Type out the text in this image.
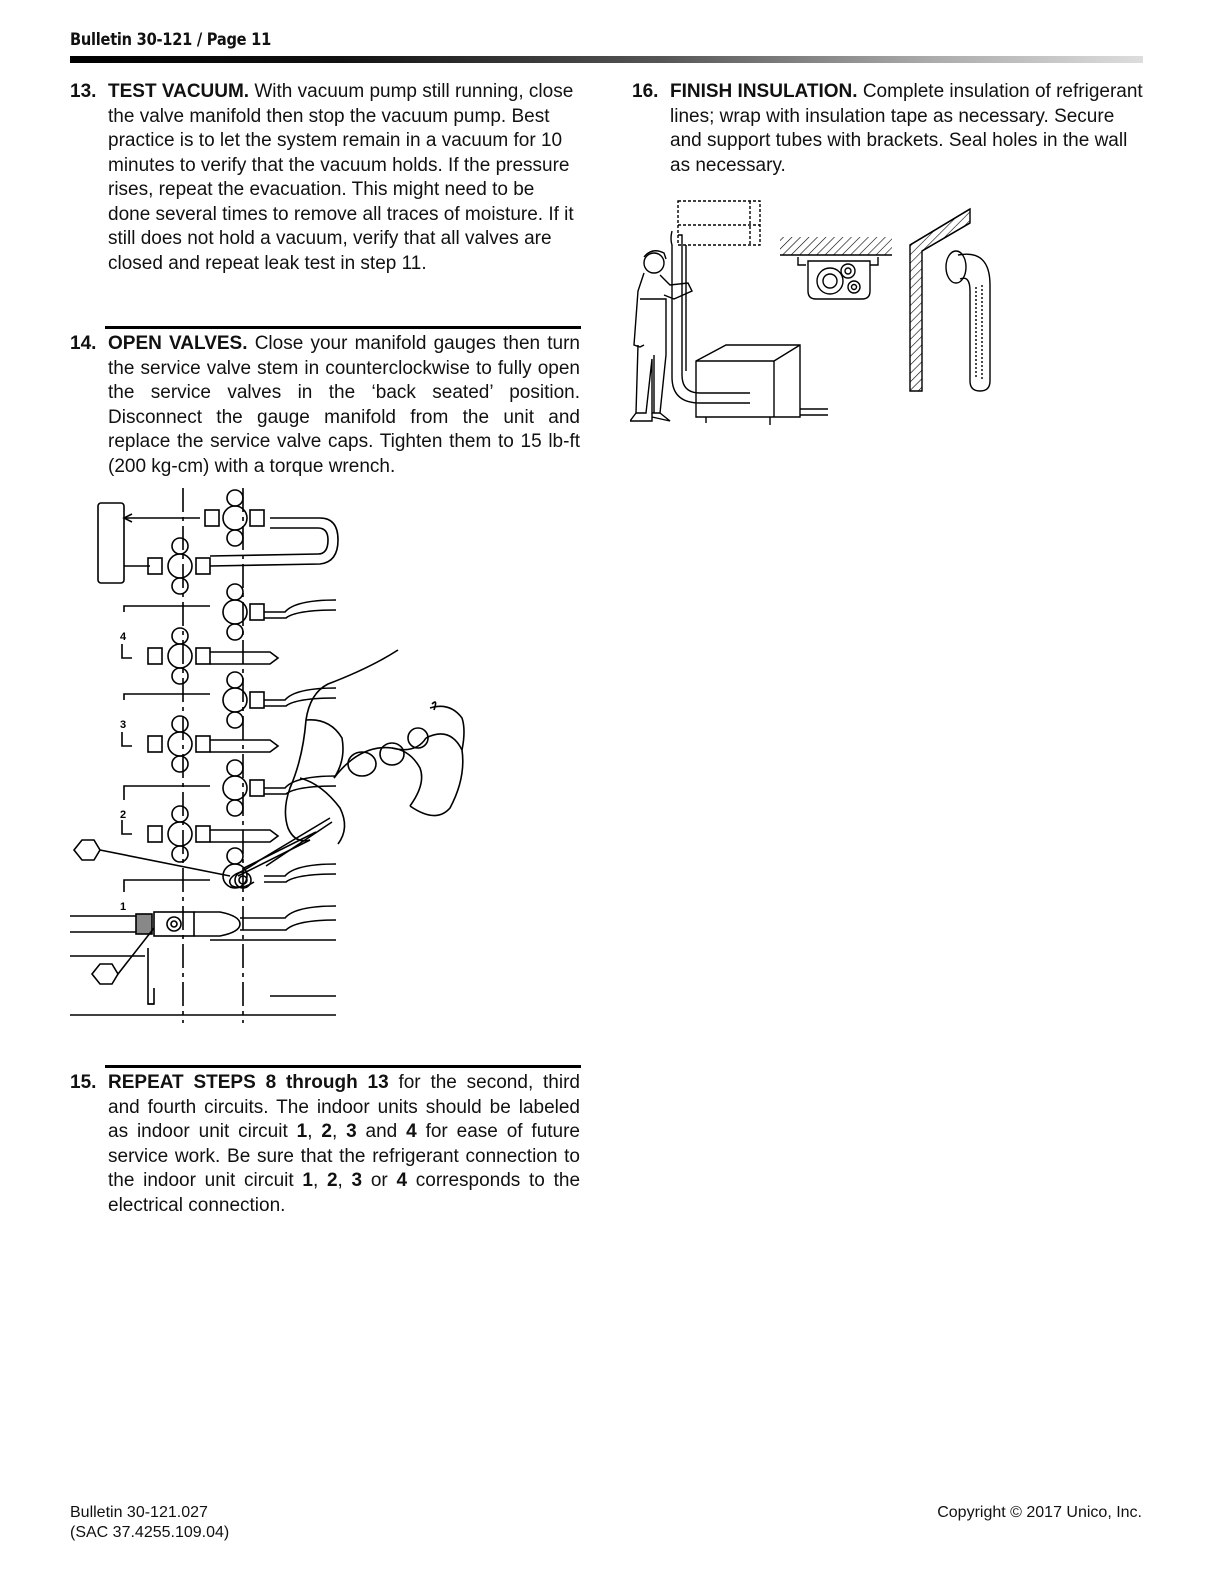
Bulletin 30-121 / Page 11
13. TEST VACUUM. With vacuum pump still running, close the valve manifold then stop the vacuum pump. Best practice is to let the system remain in a vacuum for 10 minutes to verify that the vacuum holds. If the pressure rises, repeat the evacuation. This might need to be done several times to remove all traces of moisture. If it still does not hold a vacuum, verify that all valves are closed and repeat leak test in step 11.

14. OPEN VALVES. Close your manifold gauges then turn the service valve stem in counterclockwise to fully open the service valves in the ‘back seated’ position. Disconnect the gauge manifold from the unit and replace the service valve caps. Tighten them to 15 lb-ft (200 kg-cm) with a torque wrench.

4
3
2
1
15. REPEAT STEPS 8 through 13 for the second, third and fourth circuits. The indoor units should be labeled as indoor unit circuit 1, 2, 3 and 4 for ease of future service work. Be sure that the refrigerant connection to the indoor unit circuit 1, 2, 3 or 4 corresponds to the electrical connection.

16. FINISH INSULATION. Complete insulation of refrigerant lines; wrap with insulation tape as necessary. Secure and support tubes with brackets. Seal holes in the wall as necessary.

Bulletin 30-121.027
(SAC 37.4255.109.04)
Copyright © 2017 Unico, Inc.
